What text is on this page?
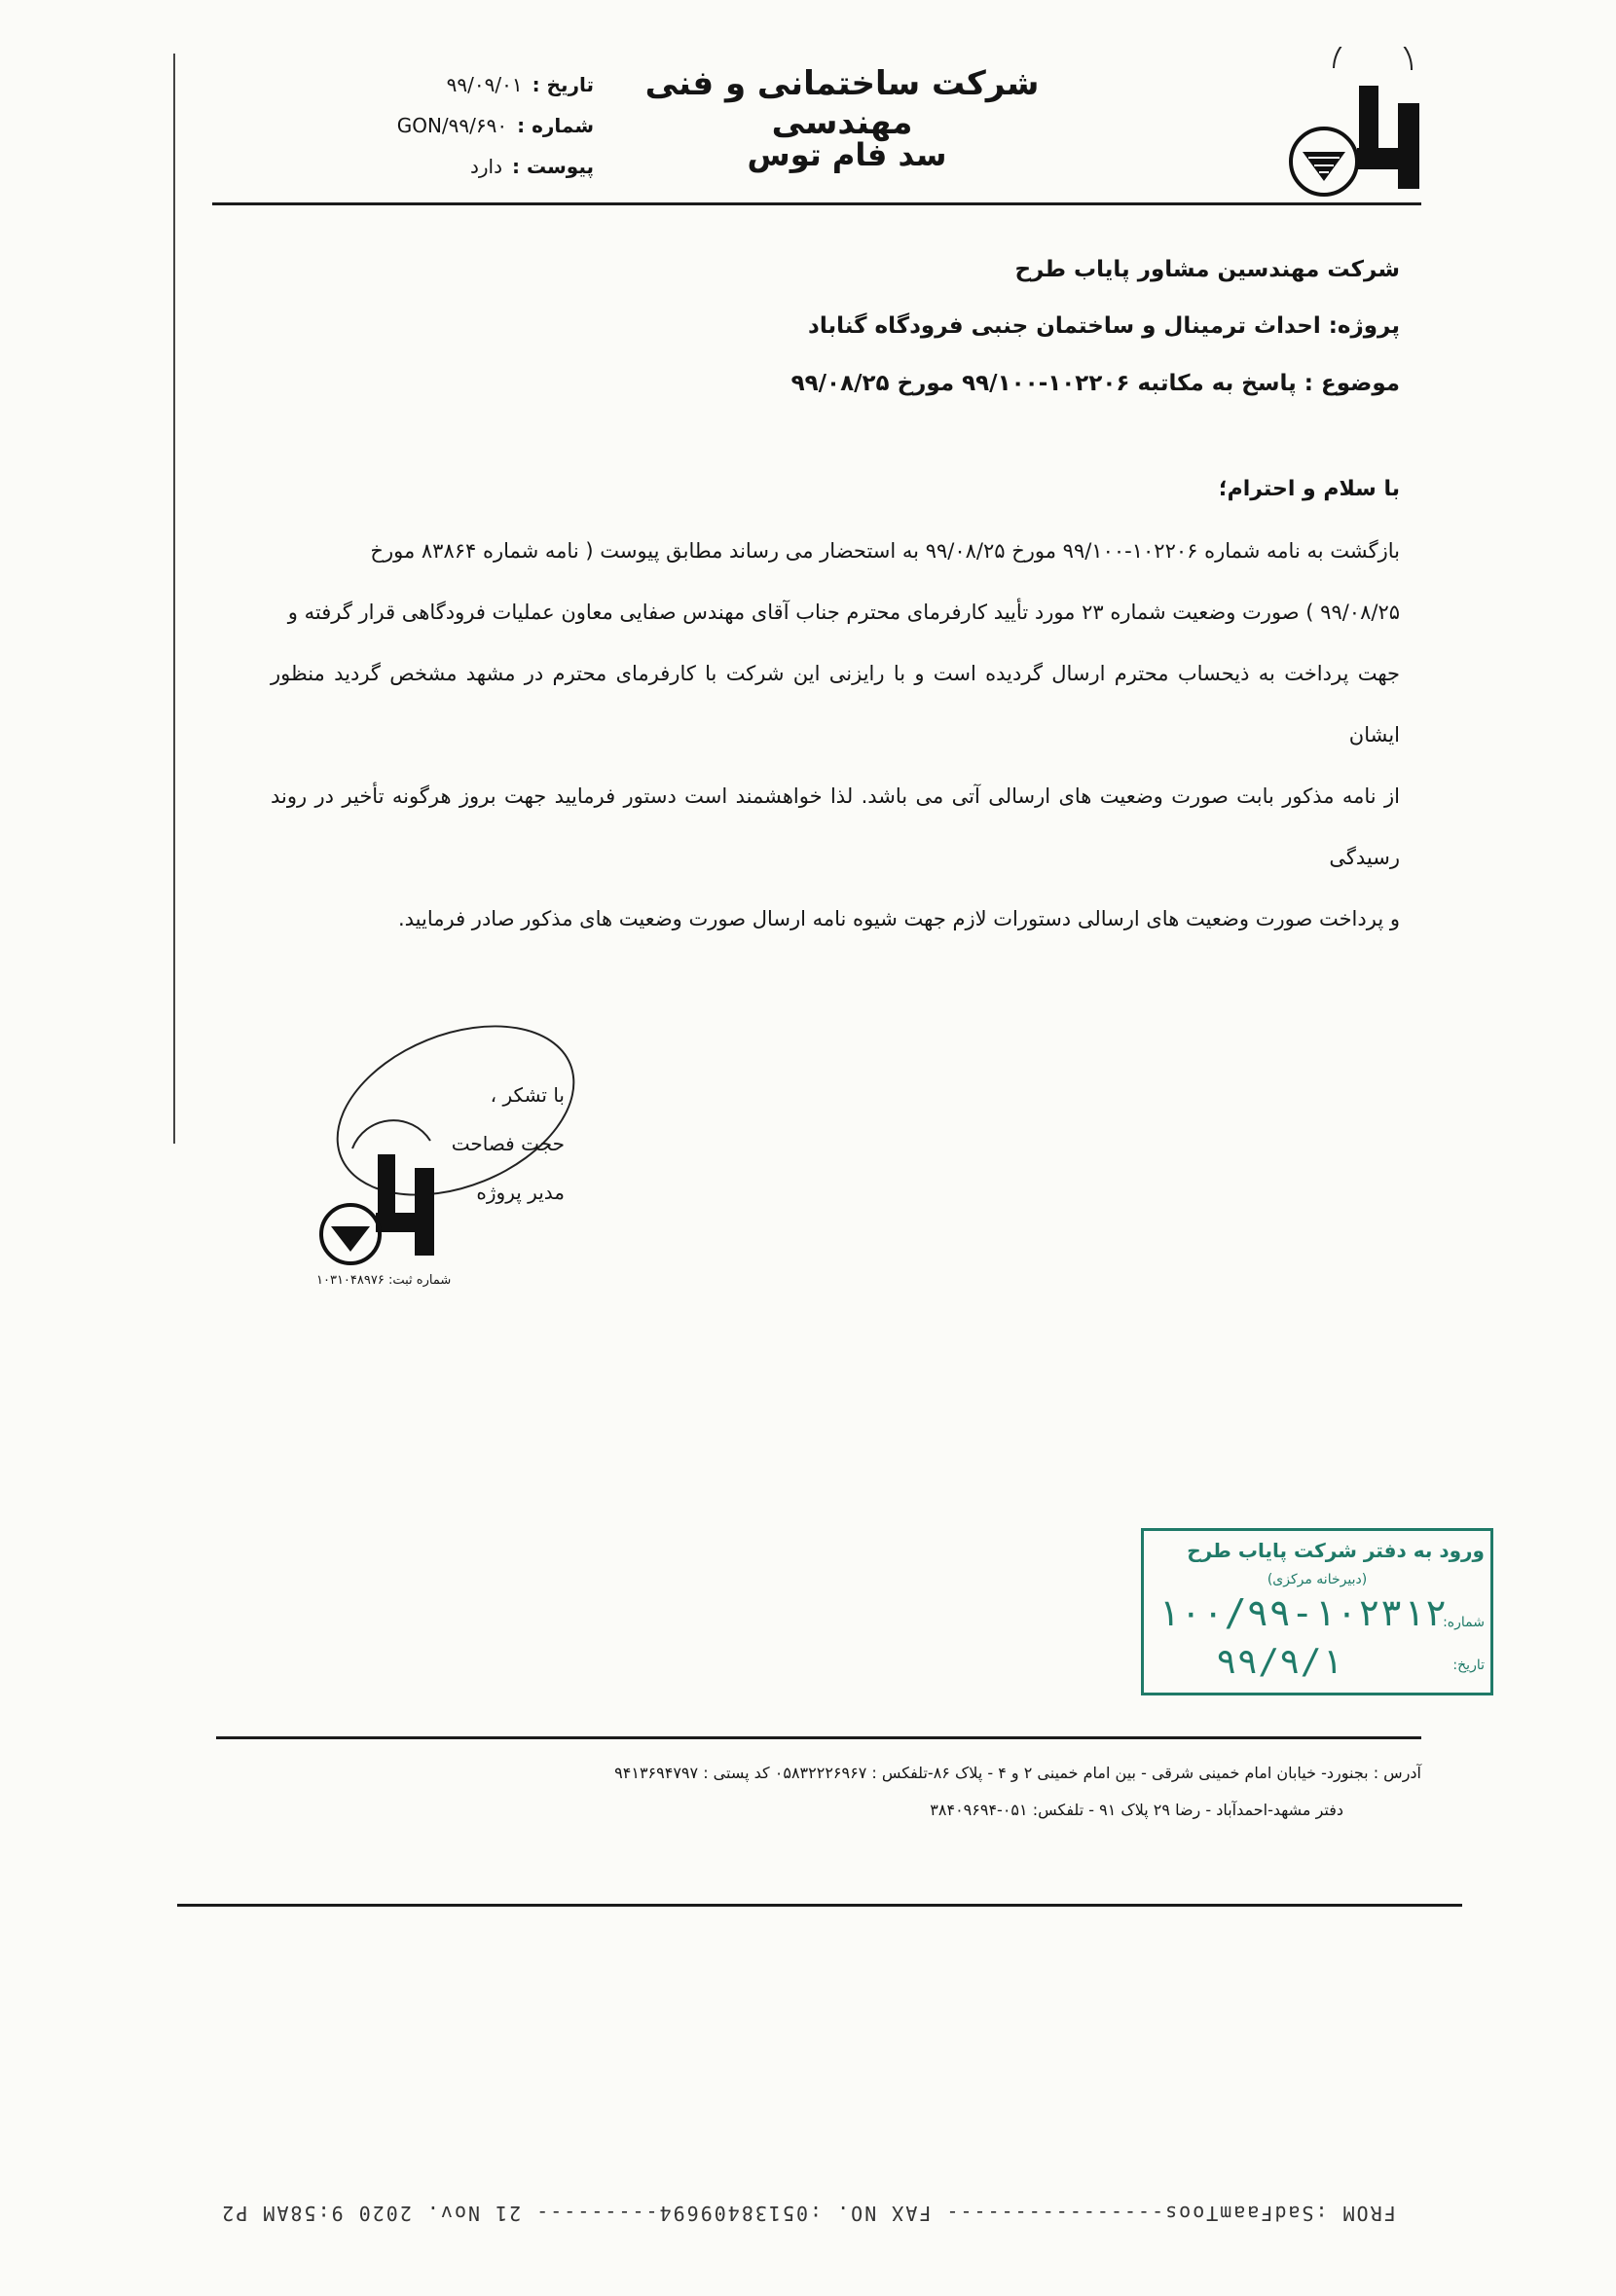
تاریخ :
۹۹/۰۹/۰۱
شماره :
GON/۹۹/۶۹۰
پیوست :
دارد
شرکت ساختمانی و فنی مهندسی
سد فام توس
شرکت مهندسین مشاور پایاب طرح
پروژه: احداث ترمینال و ساختمان جنبی فرودگاه گناباد
موضوع : پاسخ به مکاتبه ۱۰۲۲۰۶-۹۹/۱۰۰ مورخ ۹۹/۰۸/۲۵
با سلام و احترام؛

بازگشت به نامه شماره ۱۰۲۲۰۶-۹۹/۱۰۰ مورخ ۹۹/۰۸/۲۵ به استحضار می رساند مطابق پیوست ( نامه شماره ۸۳۸۶۴ مورخ

۹۹/۰۸/۲۵ ) صورت وضعیت شماره ۲۳ مورد تأیید کارفرمای محترم جناب آقای مهندس صفایی معاون عملیات فرودگاهی قرار گرفته و

جهت پرداخت به ذیحساب محترم ارسال گردیده است و با رایزنی این شرکت با کارفرمای محترم در مشهد مشخص گردید منظور ایشان

از نامه مذکور بابت صورت وضعیت های ارسالی آتی می باشد. لذا خواهشمند است دستور فرمایید جهت بروز هرگونه تأخیر در روند رسیدگی

و پرداخت صورت وضعیت های ارسالی دستورات لازم جهت شیوه نامه ارسال صورت وضعیت های مذکور صادر فرمایید.

با تشکر ،
حجت فصاحت
مدیر پروژه
شماره ثبت: ۱۰۳۱۰۴۸۹۷۶
ورود به دفتر شرکت پایاب طرح
(دبیرخانه مرکزی)
شماره:
۱۰۰/۹۹-۱۰۲۳۱۲
تاریخ:
۹۹/۹/۱
آدرس : بجنورد- خیابان امام خمینی شرقی - بین امام خمینی ۲ و ۴ - پلاک ۸۶-تلفکس : ۰۵۸۳۲۲۲۶۹۶۷ کد پستی : ۹۴۱۳۶۹۴۷۹۷
دفتر مشهد-احمدآباد - رضا ۲۹ پلاک ۹۱ - تلفکس: ۰۵۱-۳۸۴۰۹۶۹۴
FROM :SadFaamToos---------------- FAX NO. :05138409694--------- 21 Nov. 2020 9:58AM P2
